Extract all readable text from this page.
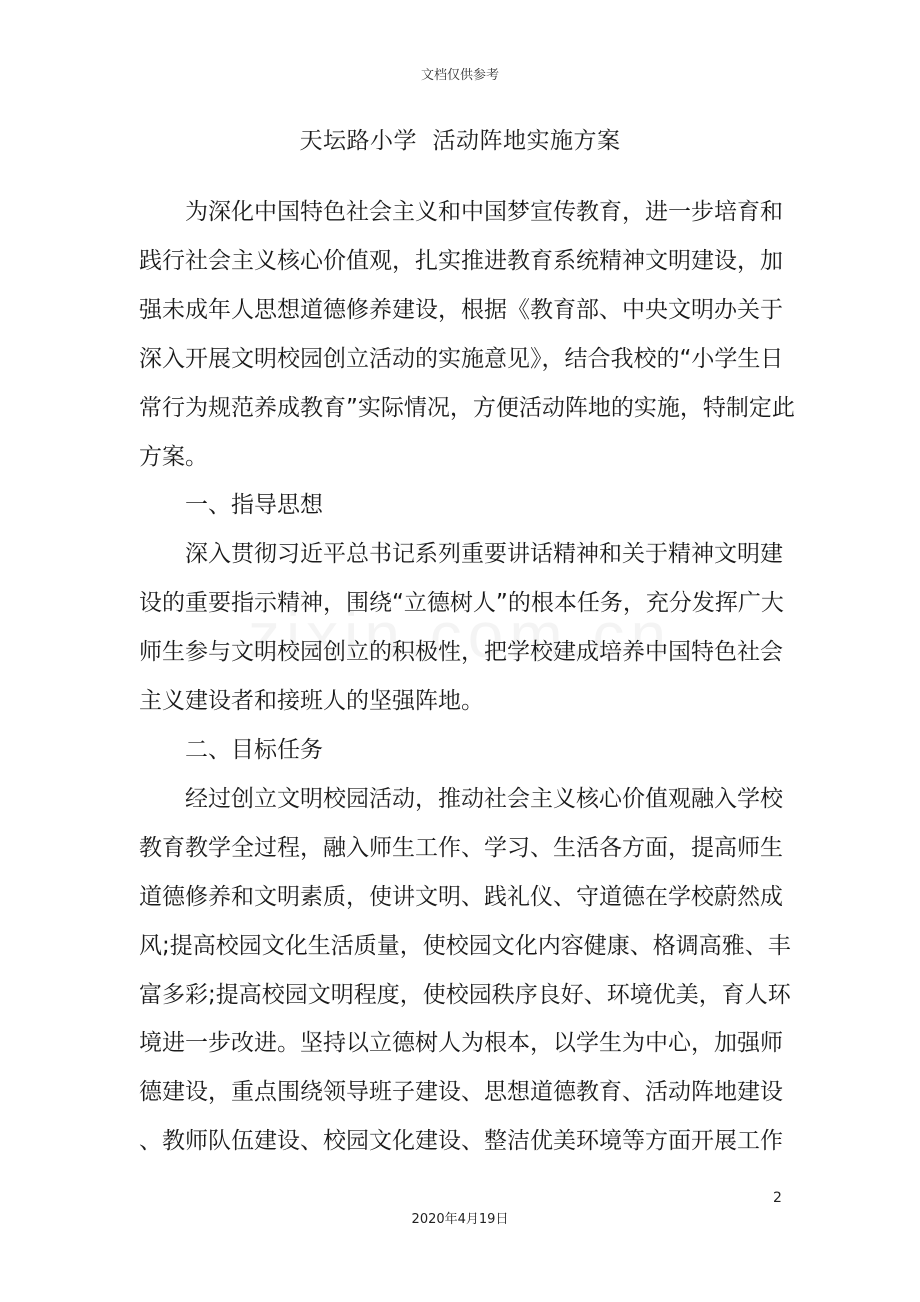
文档仅供参考
天坛路小学  活动阵地实施方案
为深化中国特色社会主义和中国梦宣传教育，进一步培育和
践行社会主义核心价值观，扎实推进教育系统精神文明建设，加
强未成年人思想道德修养建设，根据《教育部、中央文明办关于
深入开展文明校园创立活动的实施意见》，结合我校的“小学生日
常行为规范养成教育”实际情况，方便活动阵地的实施，特制定此
方案。
一、指导思想
深入贯彻习近平总书记系列重要讲话精神和关于精神文明建
设的重要指示精神，围绕“立德树人”的根本任务，充分发挥广大
师生参与文明校园创立的积极性，把学校建成培养中国特色社会
主义建设者和接班人的坚强阵地。
二、目标任务
经过创立文明校园活动，推动社会主义核心价值观融入学校
教育教学全过程，融入师生工作、学习、生活各方面，提高师生
道德修养和文明素质，使讲文明、践礼仪、守道德在学校蔚然成
风;提高校园文化生活质量，使校园文化内容健康、格调高雅、丰
富多彩;提高校园文明程度，使校园秩序良好、环境优美，育人环
境进一步改进。坚持以立德树人为根本，以学生为中心，加强师
德建设，重点围绕领导班子建设、思想道德教育、活动阵地建设
、教师队伍建设、校园文化建设、整洁优美环境等方面开展工作
2
2020年4月19日
